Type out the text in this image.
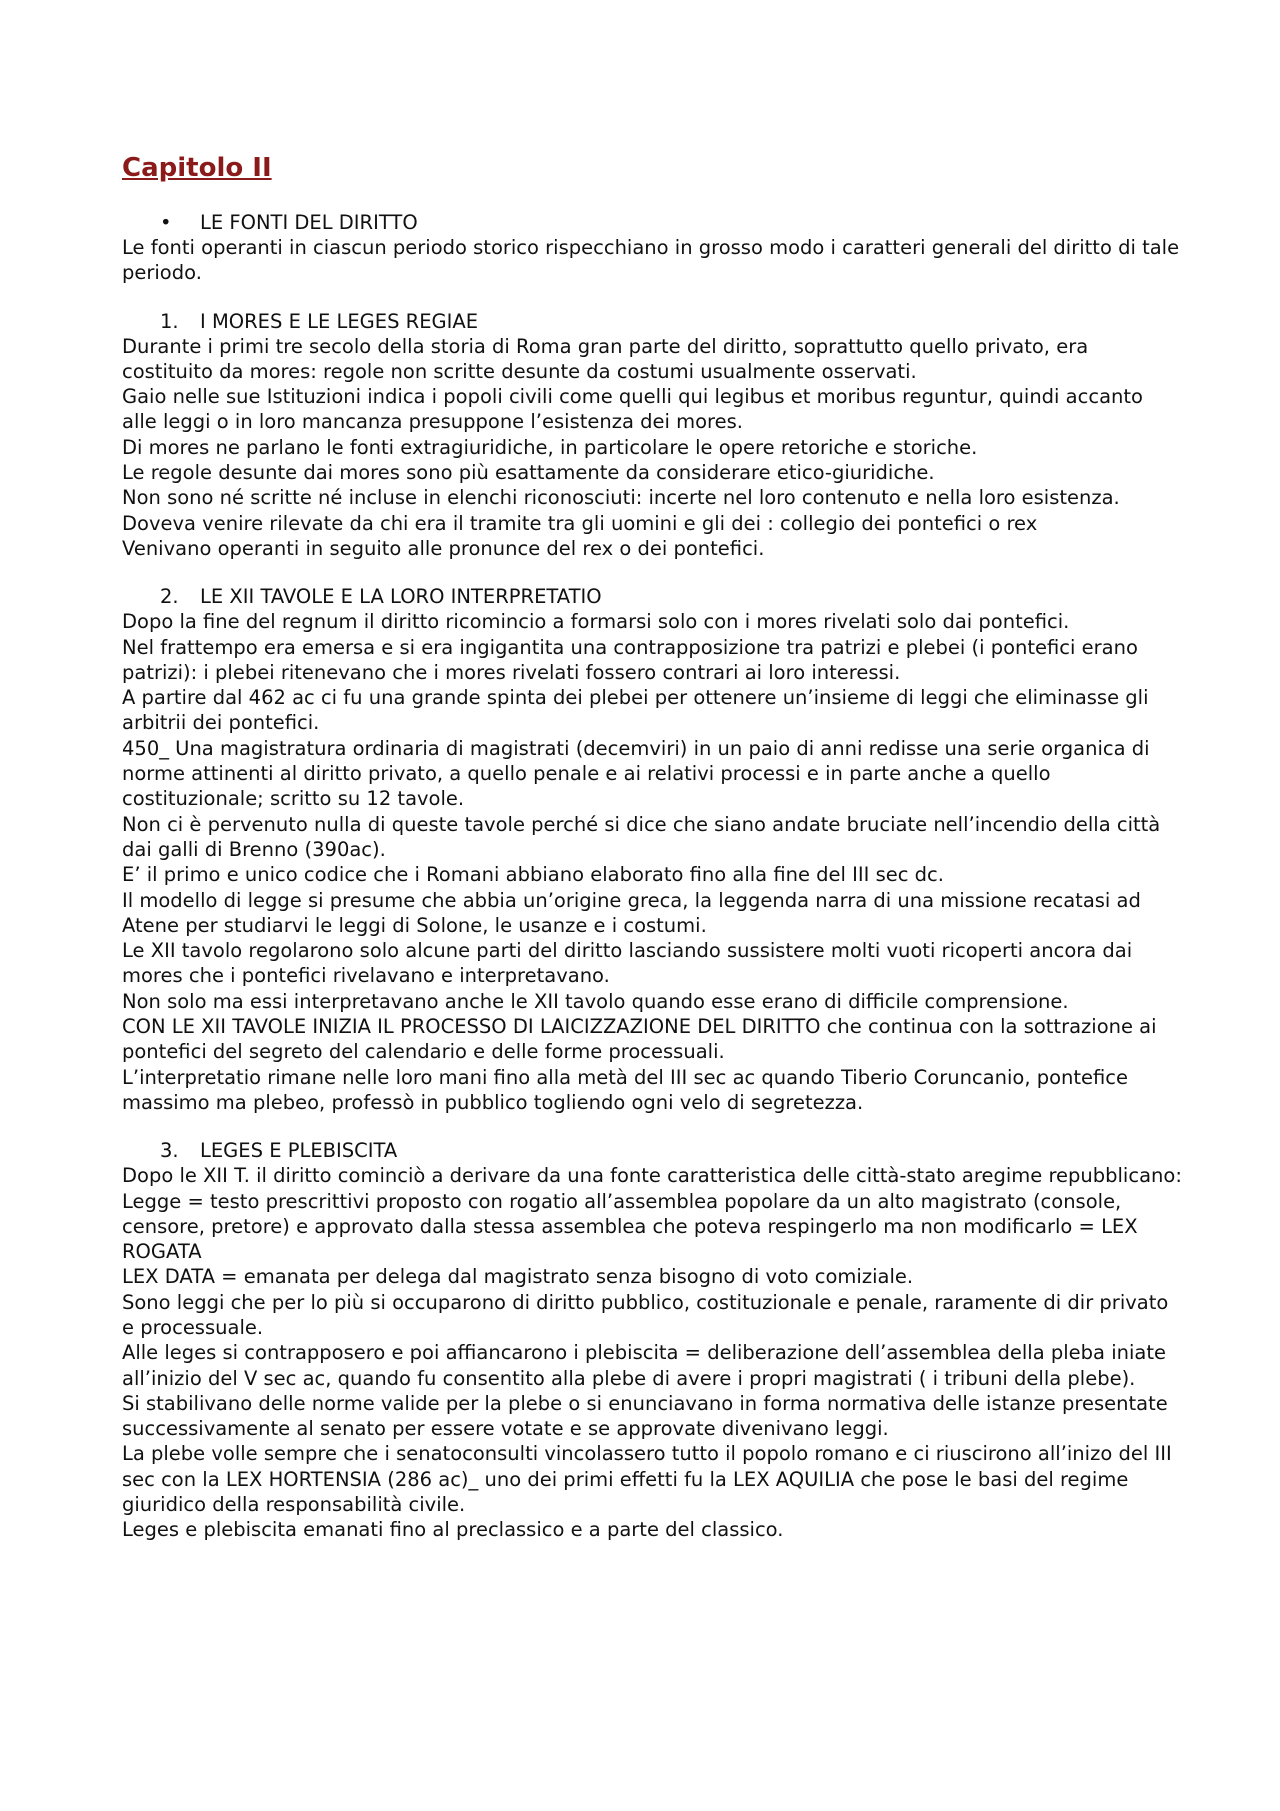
Capitolo II
• LE FONTI DEL DIRITTO

Le fonti operanti in ciascun periodo storico rispecchiano in grosso modo i caratteri generali del diritto di tale periodo.

1. I MORES E LE LEGES REGIAE

Durante i primi tre secolo della storia di Roma gran parte del diritto, soprattutto quello privato, era costituito da mores: regole non scritte desunte da costumi usualmente osservati.

Gaio nelle sue Istituzioni indica i popoli civili come quelli qui legibus et moribus reguntur, quindi accanto alle leggi o in loro mancanza presuppone l’esistenza dei mores.

Di mores ne parlano le fonti extragiuridiche, in particolare le opere retoriche e storiche.

Le regole desunte dai mores sono più esattamente da considerare etico-giuridiche.

Non sono né scritte né incluse in elenchi riconosciuti: incerte nel loro contenuto e nella loro esistenza.

Doveva venire rilevate da chi era il tramite tra gli uomini e gli dei : collegio dei pontefici o rex

Venivano operanti in seguito alle pronunce del rex o dei pontefici.

2. LE XII TAVOLE E LA LORO INTERPRETATIO

Dopo la fine del regnum il diritto ricomincio a formarsi solo con i mores rivelati solo dai pontefici.

Nel frattempo era emersa e si era ingigantita una contrapposizione tra patrizi e plebei (i pontefici erano patrizi): i plebei ritenevano che i mores rivelati fossero contrari ai loro interessi.

A partire dal 462 ac ci fu una grande spinta dei plebei per ottenere un’insieme di leggi che eliminasse gli arbitrii dei pontefici.

450_ Una magistratura ordinaria di magistrati (decemviri) in un paio di anni redisse una serie organica di norme attinenti al diritto privato, a quello penale e ai relativi processi e in parte anche a quello costituzionale; scritto su 12 tavole.

Non ci è pervenuto nulla di queste tavole perché si dice che siano andate bruciate nell’incendio della città dai galli di Brenno (390ac).

E’ il primo e unico codice che i Romani abbiano elaborato fino alla fine del III sec dc.

Il modello di legge si presume che abbia un’origine greca, la leggenda narra di una missione recatasi ad Atene per studiarvi le leggi di Solone, le usanze e i costumi.

Le XII tavolo regolarono solo alcune parti del diritto lasciando sussistere molti vuoti ricoperti ancora dai mores che i pontefici rivelavano e interpretavano.

Non solo ma essi interpretavano anche le XII tavolo quando esse erano di difficile comprensione.

CON LE XII TAVOLE INIZIA IL PROCESSO DI LAICIZZAZIONE DEL DIRITTO che continua con la sottrazione ai pontefici del segreto del calendario e delle forme processuali.

L’interpretatio rimane nelle loro mani fino alla metà del III sec ac quando Tiberio Coruncanio, pontefice massimo ma plebeo, professò in pubblico togliendo ogni velo di segretezza.

3. LEGES E PLEBISCITA

Dopo le XII T. il diritto cominciò a derivare da una fonte caratteristica delle città-stato aregime repubblicano: Legge = testo prescrittivi proposto con rogatio all’assemblea popolare da un alto magistrato (console, censore, pretore) e approvato dalla stessa assemblea che poteva respingerlo ma non modificarlo = LEX ROGATA

LEX DATA = emanata per delega dal magistrato senza bisogno di voto comiziale.

Sono leggi che per lo più si occuparono di diritto pubblico, costituzionale e penale, raramente di dir privato e processuale.

Alle leges si contrapposero e poi affiancarono i plebiscita = deliberazione dell’assemblea della pleba iniate all’inizio del V sec ac, quando fu consentito alla plebe di avere i propri magistrati ( i tribuni della plebe).

Si stabilivano delle norme valide per la plebe o si enunciavano in forma normativa delle istanze presentate successivamente al senato per essere votate e se approvate divenivano leggi.

La plebe volle sempre che i senatoconsulti vincolassero tutto il popolo romano e ci riuscirono all’inizo del III sec con la LEX HORTENSIA (286 ac)_ uno dei primi effetti fu la LEX AQUILIA che pose le basi del regime giuridico della responsabilità civile.

Leges e plebiscita emanati fino al preclassico e a parte del classico.
